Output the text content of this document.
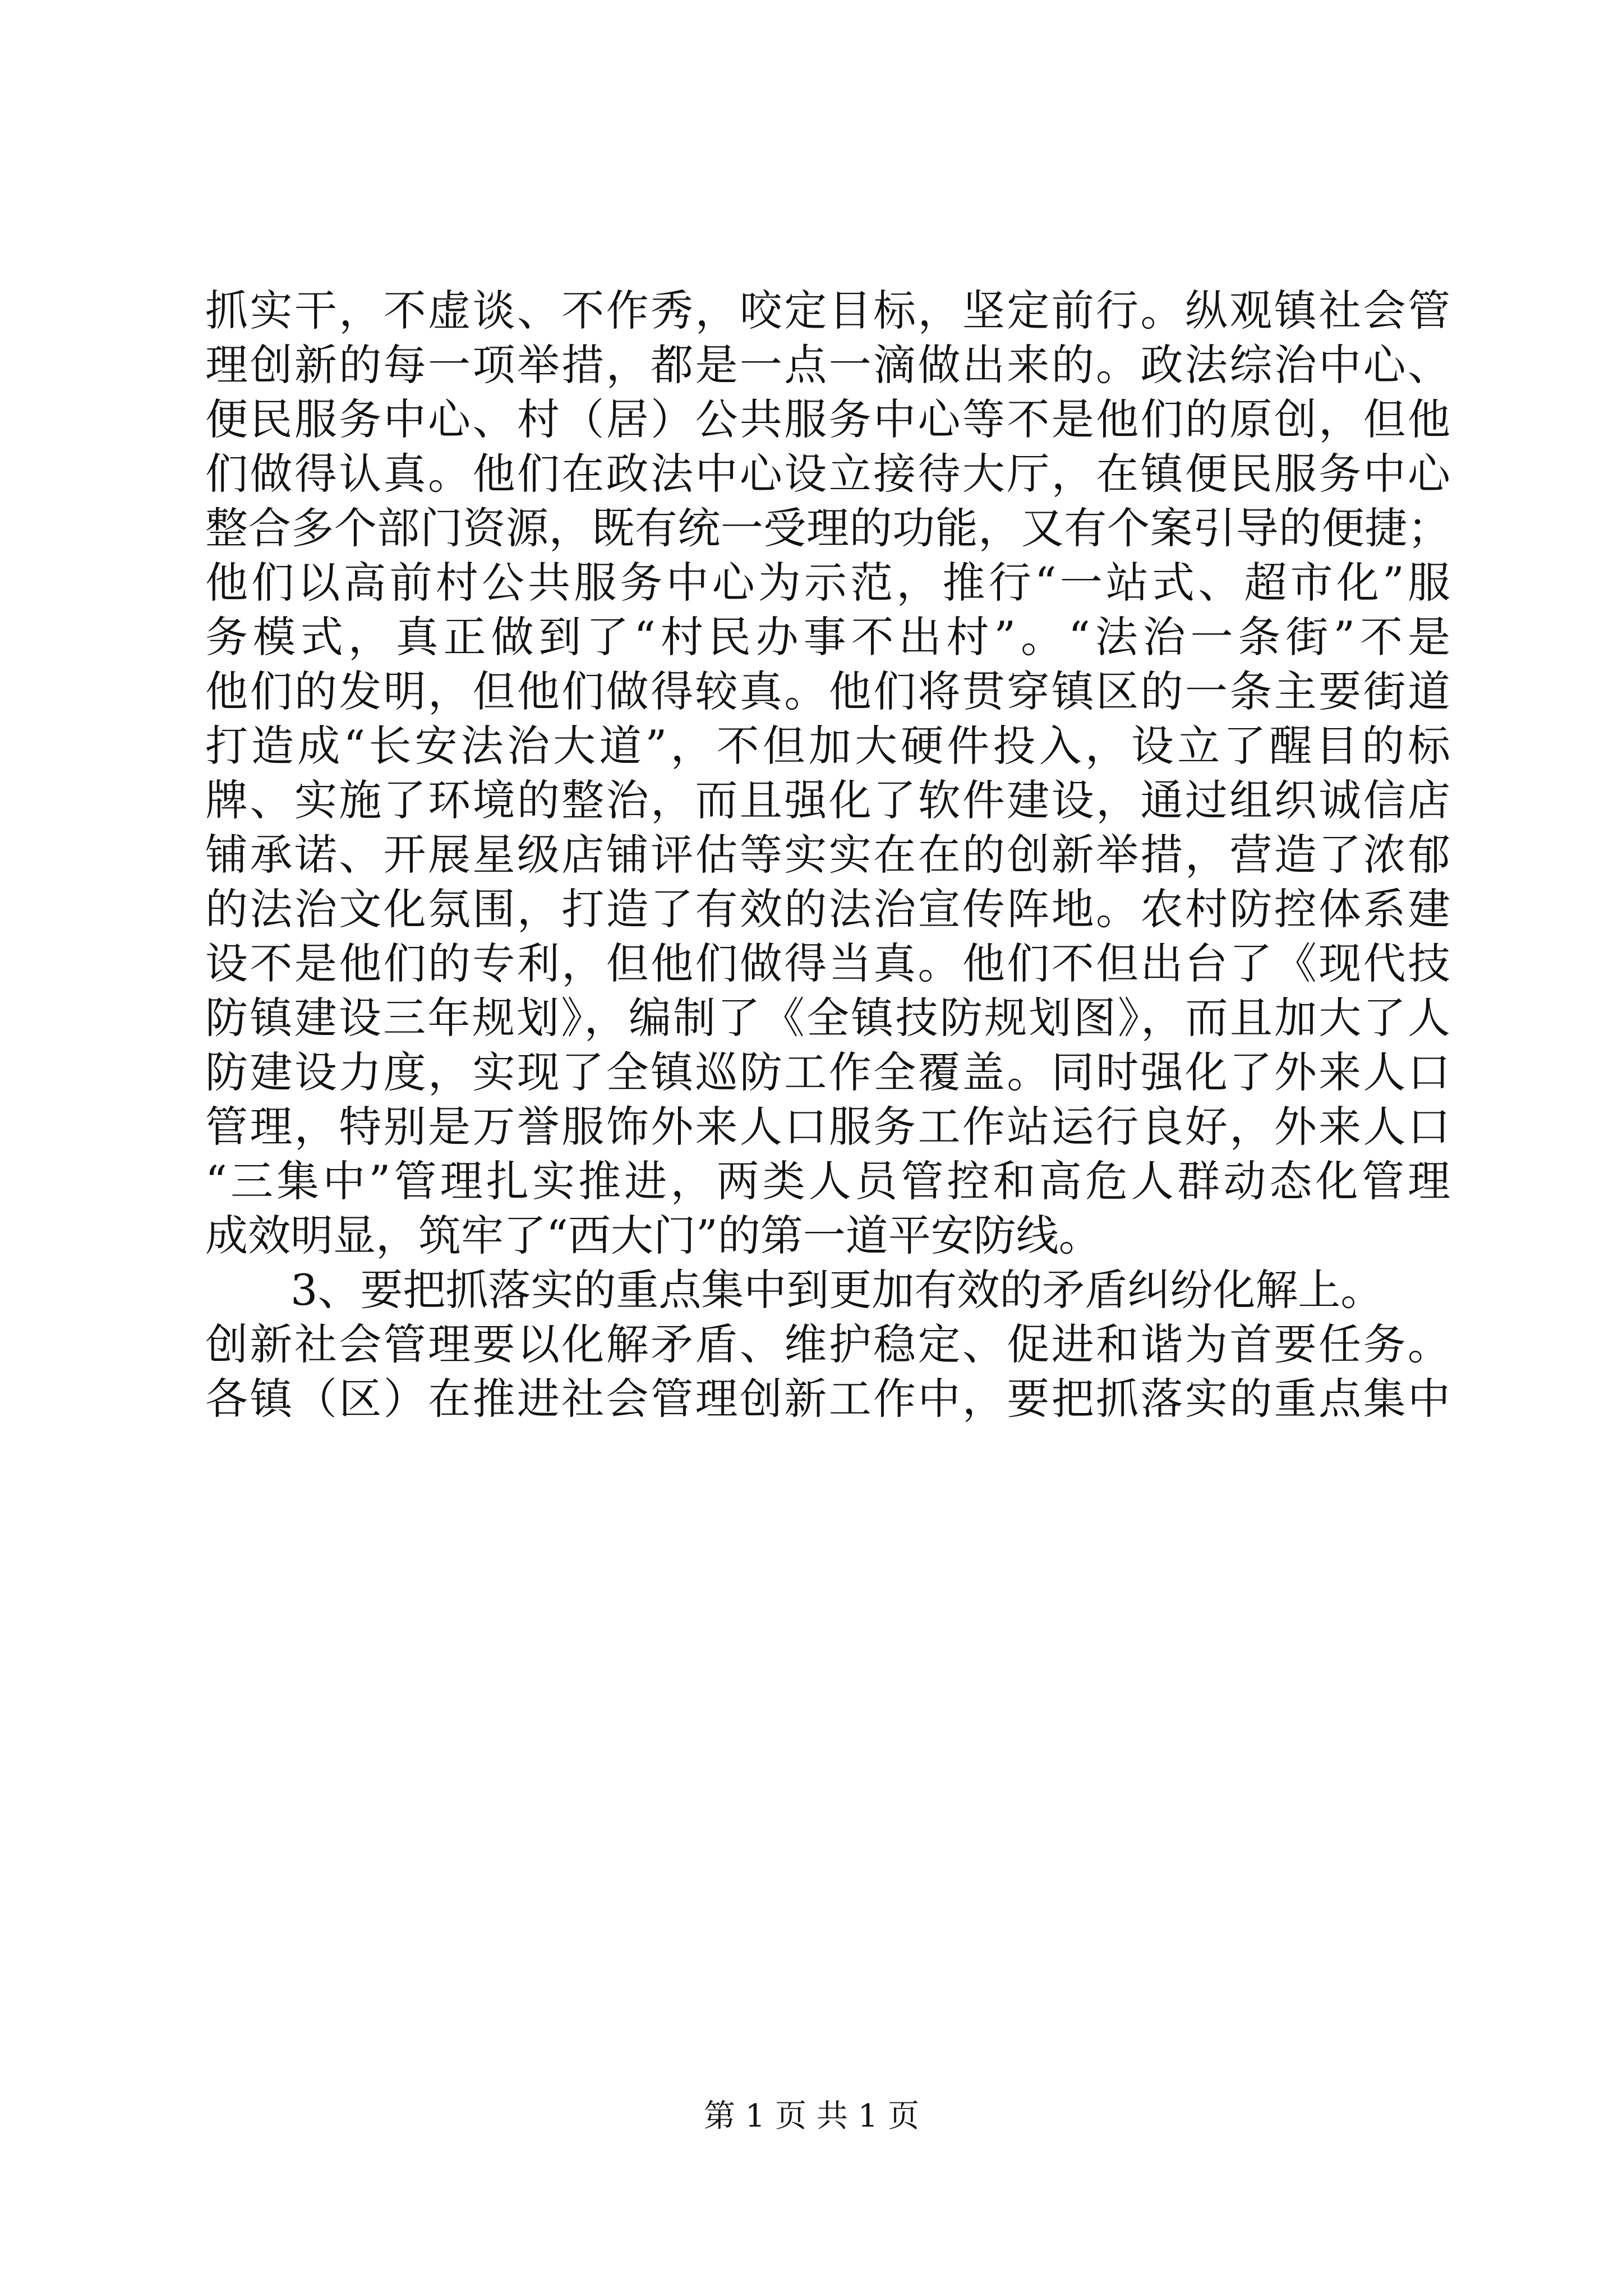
抓实干，不虚谈、不作秀，咬定目标，坚定前行。纵观镇社会管
理创新的每一项举措，都是一点一滴做出来的。政法综治中心、
便民服务中心、村（居）公共服务中心等不是他们的原创，但他
们做得认真。他们在政法中心设立接待大厅，在镇便民服务中心
整合多个部门资源，既有统一受理的功能，又有个案引导的便捷；
他们以高前村公共服务中心为示范，推行“一站式、超市化”服
务模式，真正做到了“村民办事不出村”。“法治一条街”不是
他们的发明，但他们做得较真。他们将贯穿镇区的一条主要街道
打造成“长安法治大道”，不但加大硬件投入，设立了醒目的标
牌、实施了环境的整治，而且强化了软件建设，通过组织诚信店
铺承诺、开展星级店铺评估等实实在在的创新举措，营造了浓郁
的法治文化氛围，打造了有效的法治宣传阵地。农村防控体系建
设不是他们的专利，但他们做得当真。他们不但出台了《现代技
防镇建设三年规划》，编制了《全镇技防规划图》，而且加大了人
防建设力度，实现了全镇巡防工作全覆盖。同时强化了外来人口
管理，特别是万誉服饰外来人口服务工作站运行良好，外来人口
“三集中”管理扎实推进，两类人员管控和高危人群动态化管理
成效明显，筑牢了“西大门”的第一道平安防线。
3、要把抓落实的重点集中到更加有效的矛盾纠纷化解上。
创新社会管理要以化解矛盾、维护稳定、促进和谐为首要任务。
各镇（区）在推进社会管理创新工作中，要把抓落实的重点集中
第 1 页 共 1 页
